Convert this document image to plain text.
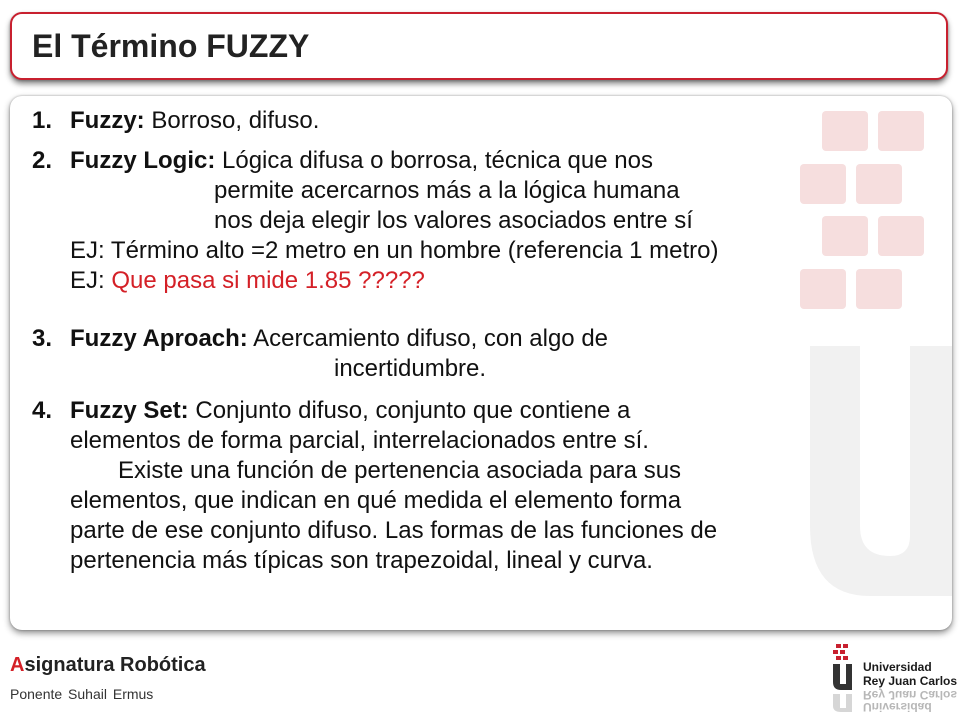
El Término FUZZY
1. Fuzzy: Borroso, difuso.
2. Fuzzy Logic: Lógica difusa o borrosa, técnica que nos
permite acercarnos más a la lógica humana
nos deja elegir los valores asociados entre sí
EJ: Término alto =2 metro en un hombre (referencia 1 metro)
EJ: Que pasa si mide 1.85 ?????
3. Fuzzy Aproach: Acercamiento difuso, con algo de
incertidumbre.
4. Fuzzy Set: Conjunto difuso, conjunto que contiene a
elementos de forma parcial, interrelacionados entre sí.
Existe una función de pertenencia asociada para sus
elementos, que indican en qué medida el elemento forma
parte de ese conjunto difuso. Las formas de las funciones de
pertenencia más típicas son trapezoidal, lineal y curva.
Asignatura Robótica
Ponente Suhail Ermus
Universidad
Rey Juan Carlos
Rey Juan Carlos
Universidad
